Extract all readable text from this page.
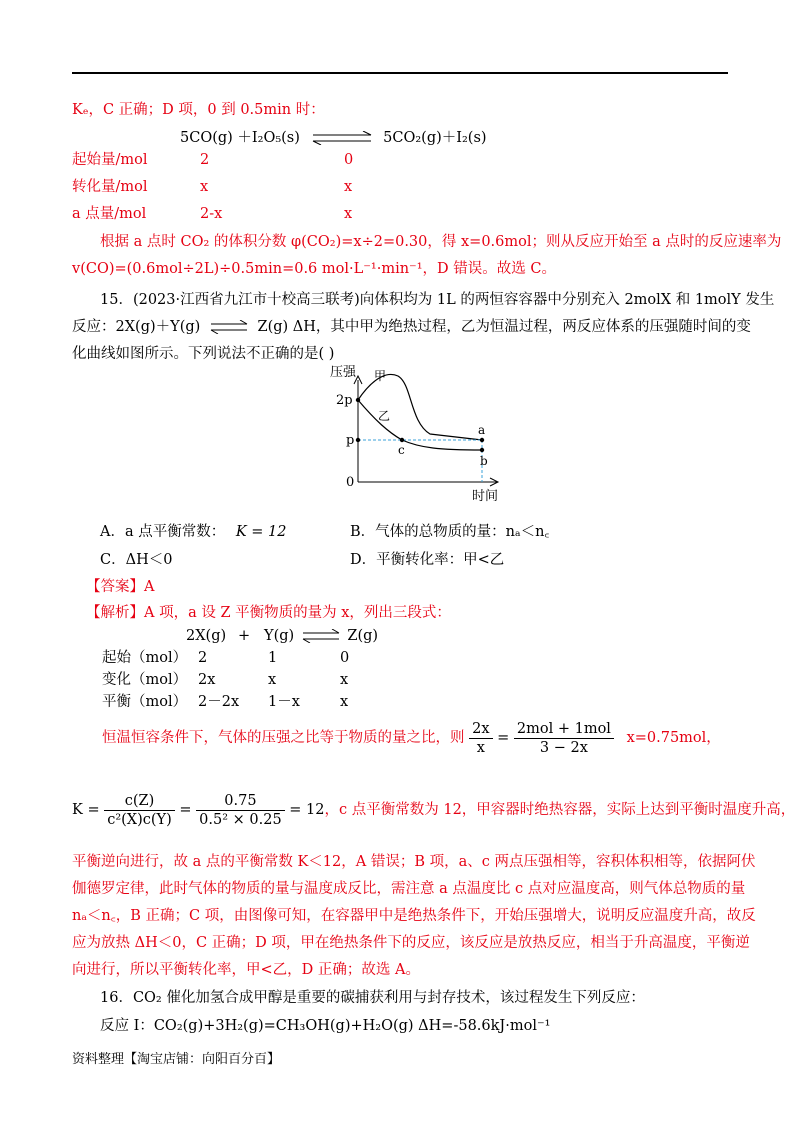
Kₑ，C 正确；D 项，0 到 0.5min 时：
5CO(g) ＋I₂O₅(s)	5CO₂(g)＋I₂(s)
起始量/mol	2	0
转化量/mol	x	x
a 点量/mol	2-x	x
根据 a 点时 CO₂ 的体积分数 φ(CO₂)=x÷2=0.30，得 x=0.6mol；则从反应开始至 a 点时的反应速率为
v(CO)=(0.6mol÷2L)÷0.5min=0.6 mol·L⁻¹·min⁻¹，D 错误。故选 C。
15．(2023·江西省九江市十校高三联考)向体积均为 1L 的两恒容容器中分别充入 2molX 和 1molY 发生
反应：2X(g)＋Y(g) ⇌ Z(g) ΔH，其中甲为绝热过程，乙为恒温过程，两反应体系的压强随时间的变
化曲线如图所示。下列说法不正确的是( )
压强
时间
2p
p
0
甲
乙
a
b
c
A．a 点平衡常数： K = 12	B．气体的总物质的量：nₐ＜n꜀
C．ΔH＜0	D．平衡转化率：甲<乙
【答案】A
【解析】A 项，a 设 Z 平衡物质的量为 x，列出三段式：
2X(g) + Y(g) ⇌ Z(g)
起始（mol） 2	1	0
变化（mol） 2x	x	x
平衡（mol） 2－2x 1－x	x
恒温恒容条件下，气体的压强之比等于物质的量之比，则 $\frac{2x}{x} = \frac{\text{2mol + 1mol}}{3 - 2x} x=0.75mol$，
$K = \frac{c(Z)}{\text{c²(X)c(Y)}} = \frac{0.75}{\text{0.5² × 0.25}} = 12$，c 点平衡常数为 12，甲容器时绝热容器，实际上达到平衡时温度升高，
平衡逆向进行，故 a 点的平衡常数 K＜12，A 错误；B 项，a、c 两点压强相等，容积体积相等，依据阿伏
伽德罗定律，此时气体的物质的量与温度成反比，需注意 a 点温度比 c 点对应温度高，则气体总物质的量
nₐ＜n꜀，B 正确；C 项，由图像可知，在容器甲中是绝热条件下，开始压强增大，说明反应温度升高，故反
应为放热 ΔH＜0，C 正确；D 项，甲在绝热条件下的反应，该反应是放热反应，相当于升高温度，平衡逆
向进行，所以平衡转化率，甲<乙，D 正确；故选 A。
16．CO₂ 催化加氢合成甲醇是重要的碳捕获利用与封存技术，该过程发生下列反应：
反应 I：CO₂(g)+3H₂(g)=CH₃OH(g)+H₂O(g) ΔH=-58.6kJ·mol⁻¹
资料整理【淘宝店铺：向阳百分百】
